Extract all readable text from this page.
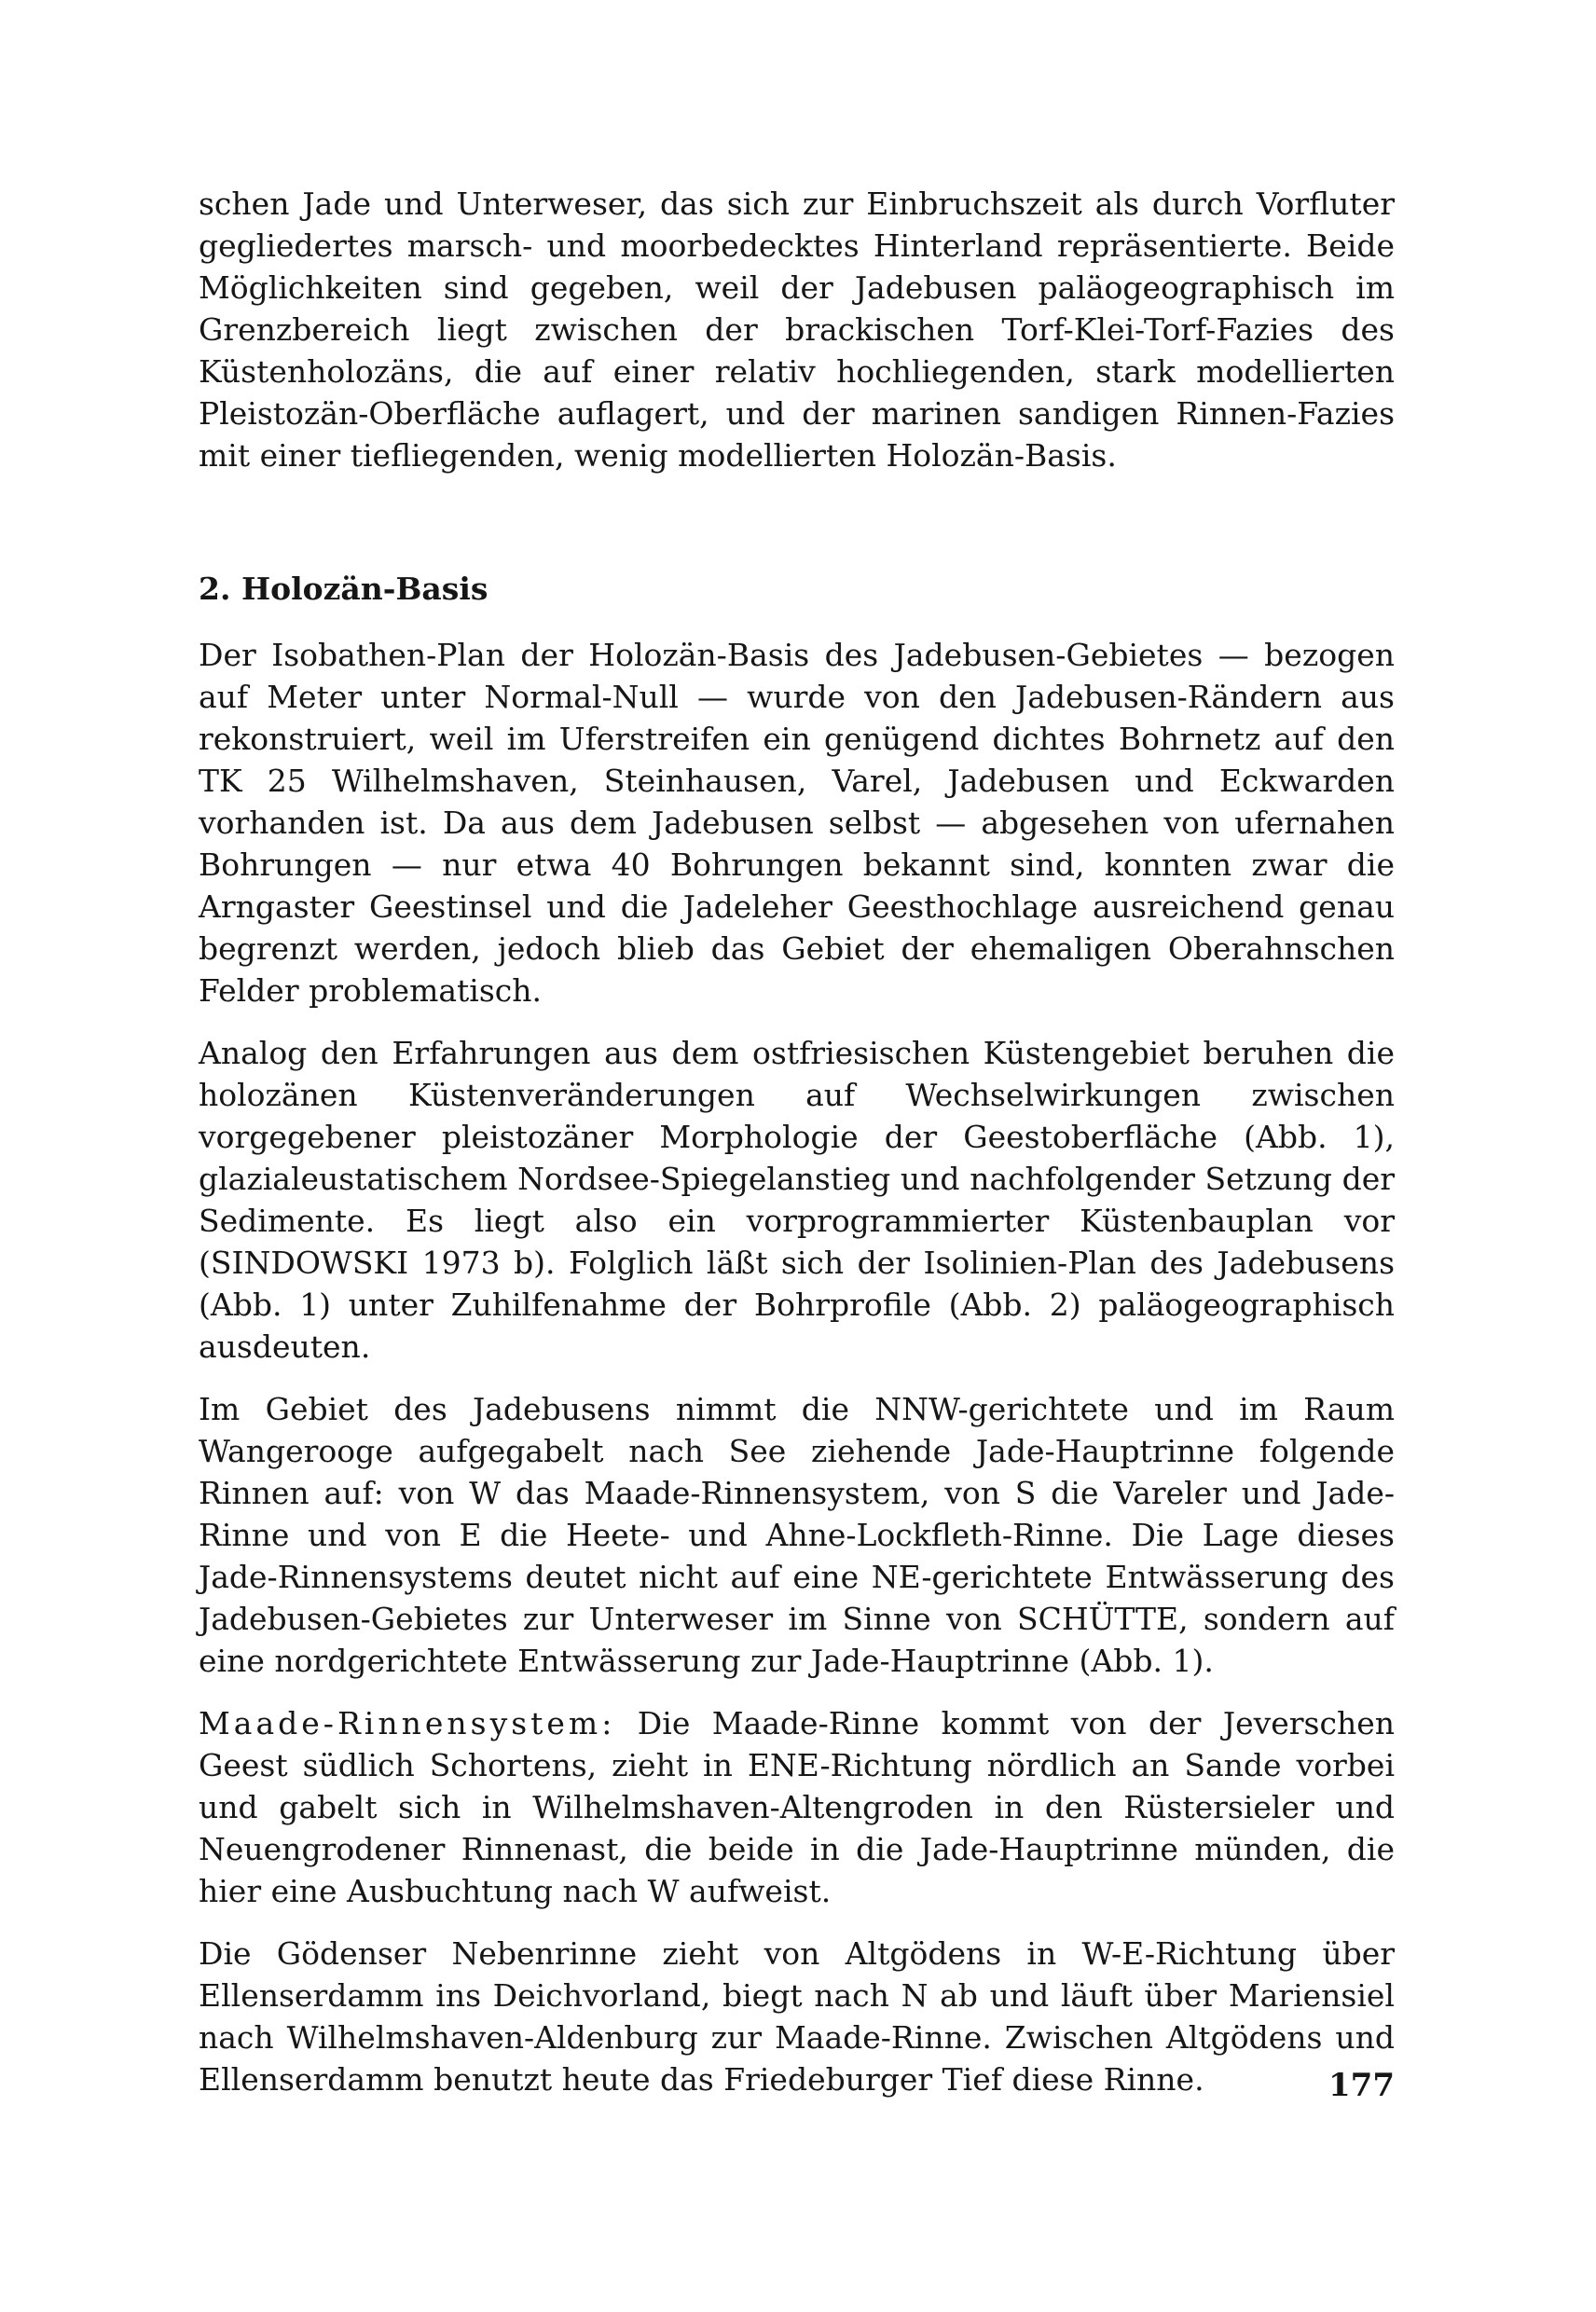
schen Jade und Unterweser, das sich zur Einbruchszeit als durch Vorfluter gegliedertes marsch- und moorbedecktes Hinterland repräsentierte. Beide Möglichkeiten sind gegeben, weil der Jadebusen paläogeographisch im Grenzbereich liegt zwischen der brackischen Torf-Klei-Torf-Fazies des Küstenholozäns, die auf einer relativ hochliegenden, stark modellierten Pleistozän-Oberfläche auflagert, und der marinen sandigen Rinnen-Fazies mit einer tiefliegenden, wenig modellierten Holozän-Basis.

2. Holozän-Basis

Der Isobathen-Plan der Holozän-Basis des Jadebusen-Gebietes — bezogen auf Meter unter Normal-Null — wurde von den Jadebusen-Rändern aus rekonstruiert, weil im Uferstreifen ein genügend dichtes Bohrnetz auf den TK 25 Wilhelmshaven, Steinhausen, Varel, Jadebusen und Eckwarden vorhanden ist. Da aus dem Jadebusen selbst — abgesehen von ufernahen Bohrungen — nur etwa 40 Bohrungen bekannt sind, konnten zwar die Arngaster Geestinsel und die Jadeleher Geesthochlage ausreichend genau begrenzt werden, jedoch blieb das Gebiet der ehemaligen Oberahnschen Felder problematisch.

Analog den Erfahrungen aus dem ostfriesischen Küstengebiet beruhen die holozänen Küstenveränderungen auf Wechselwirkungen zwischen vorgegebener pleistozäner Morphologie der Geestoberfläche (Abb. 1), glazialeustatischem Nordsee-Spiegelanstieg und nachfolgender Setzung der Sedimente. Es liegt also ein vorprogrammierter Küstenbauplan vor (SINDOWSKI 1973 b). Folglich läßt sich der Isolinien-Plan des Jadebusens (Abb. 1) unter Zuhilfenahme der Bohrprofile (Abb. 2) paläogeographisch ausdeuten.

Im Gebiet des Jadebusens nimmt die NNW-gerichtete und im Raum Wangerooge aufgegabelt nach See ziehende Jade-Hauptrinne folgende Rinnen auf: von W das Maade-Rinnensystem, von S die Vareler und Jade-Rinne und von E die Heete- und Ahne-Lockfleth-Rinne. Die Lage dieses Jade-Rinnensystems deutet nicht auf eine NE-gerichtete Entwässerung des Jadebusen-Gebietes zur Unterweser im Sinne von SCHÜTTE, sondern auf eine nordgerichtete Entwässerung zur Jade-Hauptrinne (Abb. 1).

Maade-Rinnensystem: Die Maade-Rinne kommt von der Jeverschen Geest südlich Schortens, zieht in ENE-Richtung nördlich an Sande vorbei und gabelt sich in Wilhelmshaven-Altengroden in den Rüstersieler und Neuengrodener Rinnenast, die beide in die Jade-Hauptrinne münden, die hier eine Ausbuchtung nach W aufweist.

Die Gödenser Nebenrinne zieht von Altgödens in W-E-Richtung über Ellenserdamm ins Deichvorland, biegt nach N ab und läuft über Mariensiel nach Wilhelmshaven-Aldenburg zur Maade-Rinne. Zwischen Altgödens und Ellenserdamm benutzt heute das Friedeburger Tief diese Rinne.	177
